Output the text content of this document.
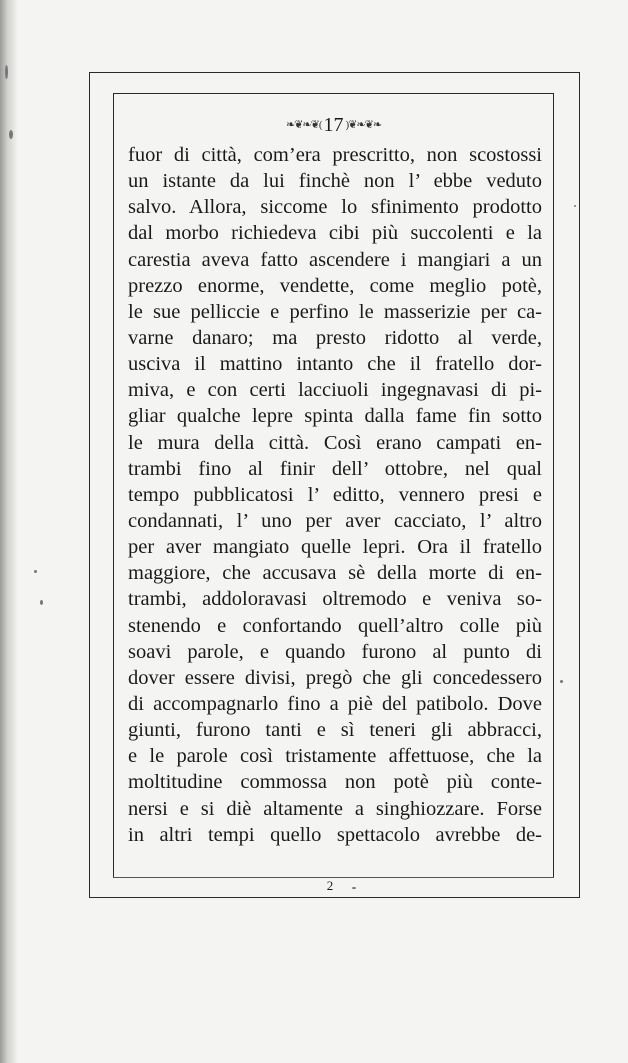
❧❦❧❦( 17 )❦❧❦❧
fuor di città, com’era prescritto, non scostossi
un istante da lui finchè non l’ ebbe veduto
salvo. Allora, siccome lo sfinimento prodotto
dal morbo richiedeva cibi più succolenti e la
carestia aveva fatto ascendere i mangiari a un
prezzo enorme, vendette, come meglio potè,
le sue pelliccie e perfino le masserizie per ca-
varne danaro; ma presto ridotto al verde,
usciva il mattino intanto che il fratello dor-
miva, e con certi lacciuoli ingegnavasi di pi-
gliar qualche lepre spinta dalla fame fin sotto
le mura della città. Così erano campati en-
trambi fino al finir dell’ ottobre, nel qual
tempo pubblicatosi l’ editto, vennero presi e
condannati, l’ uno per aver cacciato, l’ altro
per aver mangiato quelle lepri. Ora il fratello
maggiore, che accusava sè della morte di en-
trambi, addoloravasi oltremodo e veniva so-
stenendo e confortando quell’altro colle più
soavi parole, e quando furono al punto di
dover essere divisi, pregò che gli concedessero
di accompagnarlo fino a piè del patibolo. Dove
giunti, furono tanti e sì teneri gli abbracci,
e le parole così tristamente affettuose, che la
moltitudine commossa non potè più conte-
nersi e si diè altamente a singhiozzare. Forse
in altri tempi quello spettacolo avrebbe de-
2
